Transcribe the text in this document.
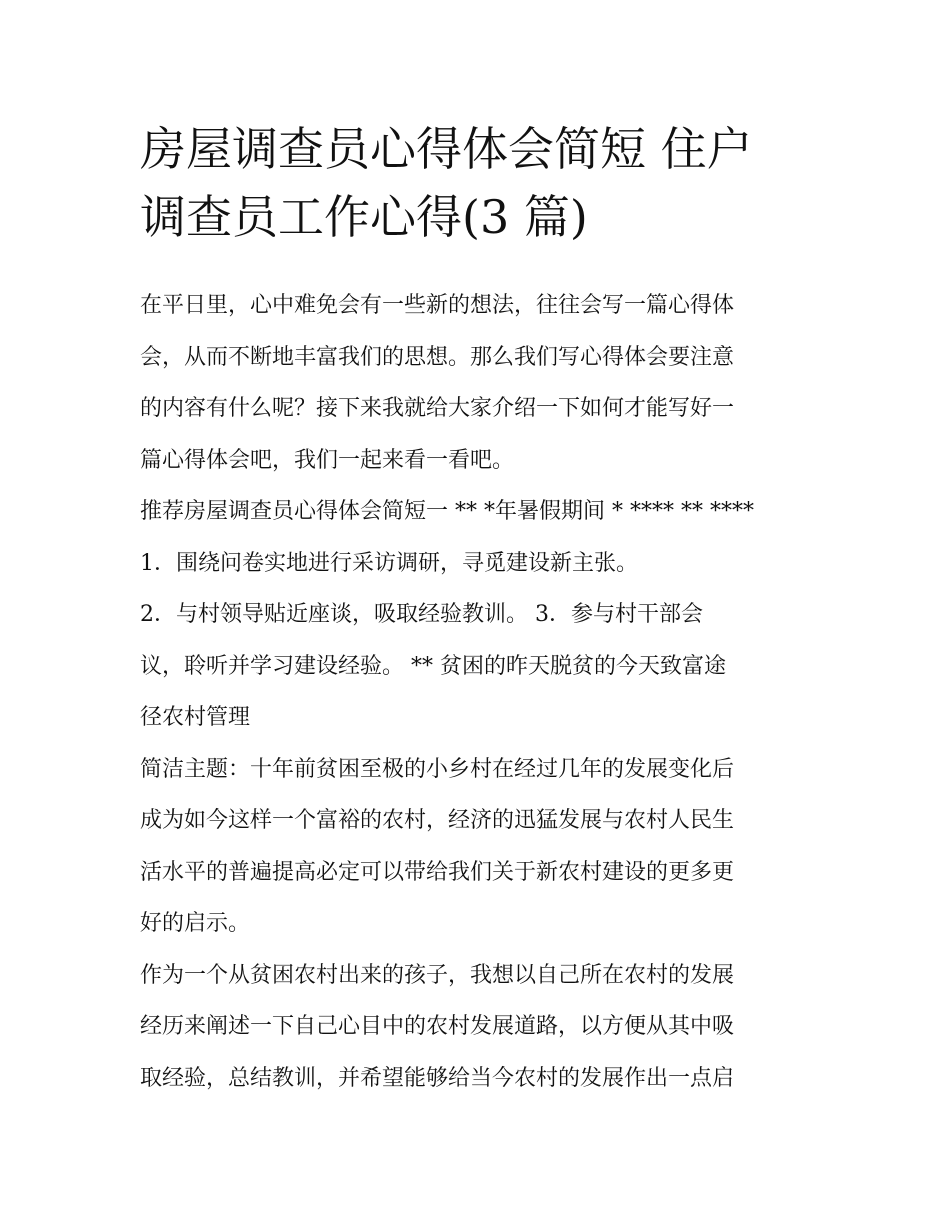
房屋调查员心得体会简短 住户
调查员工作心得(3 篇)
在平日里，心中难免会有一些新的想法，往往会写一篇心得体
会，从而不断地丰富我们的思想。那么我们写心得体会要注意
的内容有什么呢？接下来我就给大家介绍一下如何才能写好一
篇心得体会吧，我们一起来看一看吧。
推荐房屋调查员心得体会简短一 ** *年暑假期间 * **** ** ****
1．围绕问卷实地进行采访调研，寻觅建设新主张。
2．与村领导贴近座谈，吸取经验教训。 3．参与村干部会
议，聆听并学习建设经验。 ** 贫困的昨天脱贫的今天致富途
径农村管理
简洁主题：十年前贫困至极的小乡村在经过几年的发展变化后
成为如今这样一个富裕的农村，经济的迅猛发展与农村人民生
活水平的普遍提高必定可以带给我们关于新农村建设的更多更
好的启示。
作为一个从贫困农村出来的孩子，我想以自己所在农村的发展
经历来阐述一下自己心目中的农村发展道路，以方便从其中吸
取经验，总结教训，并希望能够给当今农村的发展作出一点启
